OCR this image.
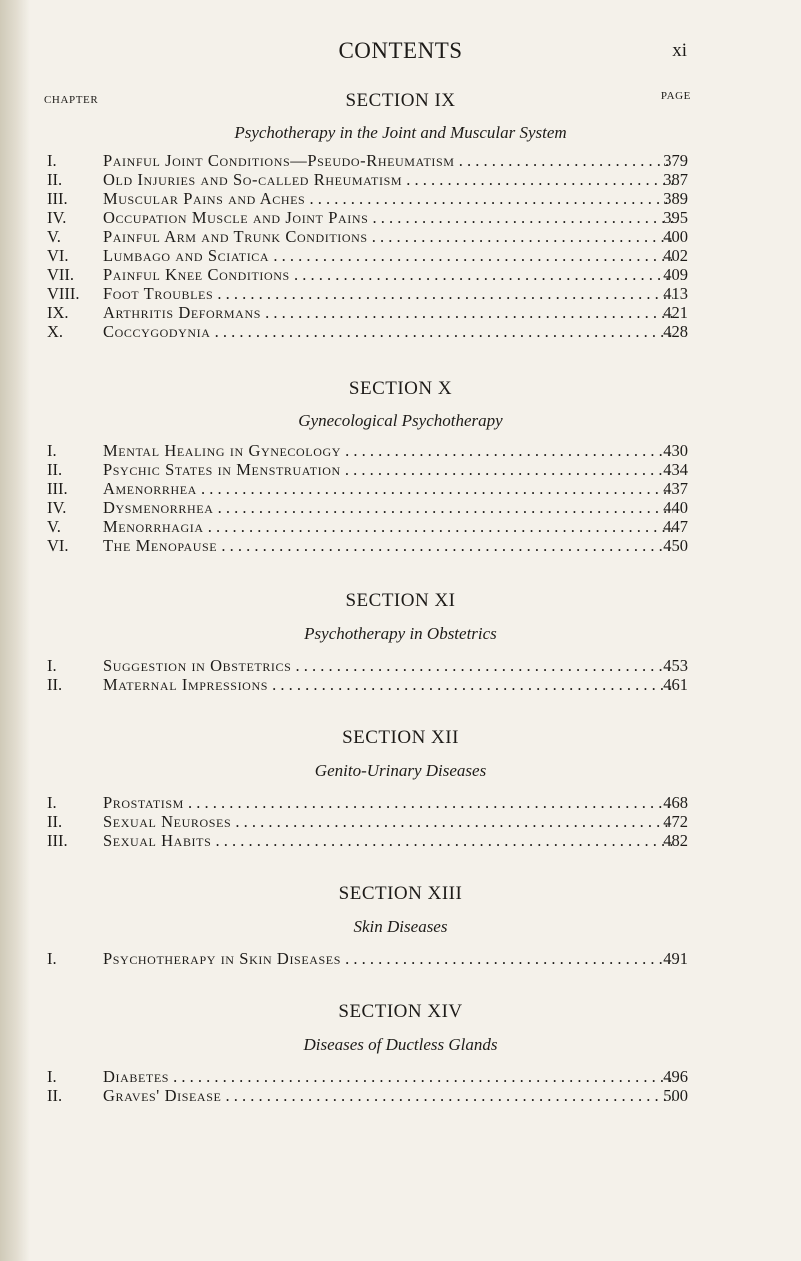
CONTENTS	xi
CHAPTER	SECTION IX	PAGE
Psychotherapy in the Joint and Muscular System
I.	Painful Joint Conditions—Pseudo-Rheumatism . .	379
II.	Old Injuries and So-called Rheumatism . .	387
III.	Muscular Pains and Aches . .	389
IV.	Occupation Muscle and Joint Pains . .	395
V.	Painful Arm and Trunk Conditions . .	400
VI.	Lumbago and Sciatica . .	402
VII.	Painful Knee Conditions . .	409
VIII.	Foot Troubles . .	413
IX.	Arthritis Deformans . .	421
X.	Coccygodynia . .	428
SECTION X
Gynecological Psychotherapy
I.	Mental Healing in Gynecology . .	430
II.	Psychic States in Menstruation . .	434
III.	Amenorrhea . .	437
IV.	Dysmenorrhea . .	440
V.	Menorrhagia . .	447
VI.	The Menopause . .	450
SECTION XI
Psychotherapy in Obstetrics
I.	Suggestion in Obstetrics . .	453
II.	Maternal Impressions . .	461
SECTION XII
Genito-Urinary Diseases
I.	Prostatism . .	468
II.	Sexual Neuroses . .	472
III.	Sexual Habits . .	482
SECTION XIII
Skin Diseases
I.	Psychotherapy in Skin Diseases . .	491
SECTION XIV
Diseases of Ductless Glands
I.	Diabetes . .	496
II.	Graves' Disease . .	500
